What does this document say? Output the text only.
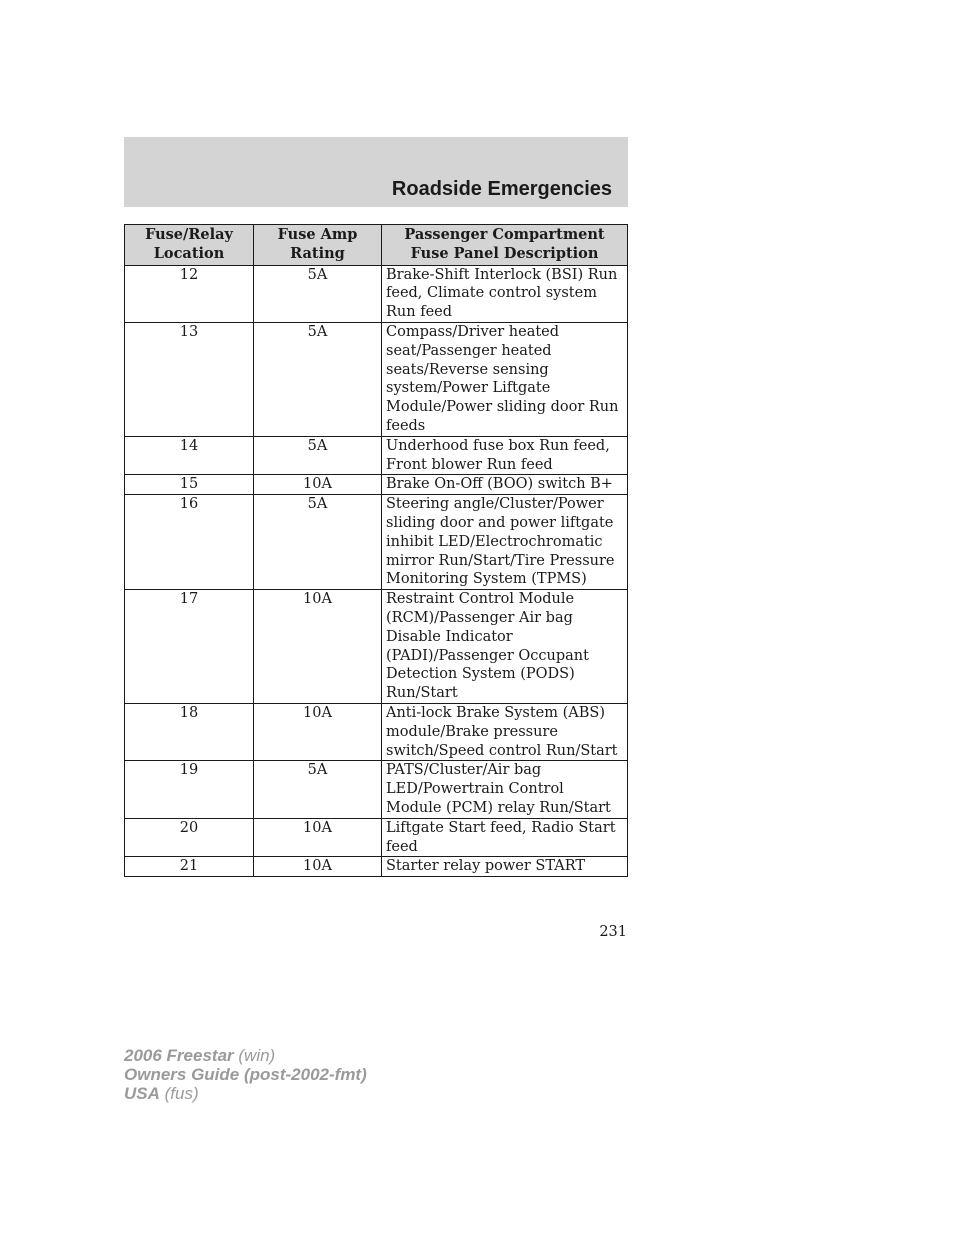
Roadside Emergencies
Fuse/Relay Location	Fuse Amp Rating	Passenger Compartment Fuse Panel Description
12	5A	Brake-Shift Interlock (BSI) Run feed, Climate control system Run feed
13	5A	Compass/Driver heated seat/Passenger heated seats/Reverse sensing system/Power Liftgate Module/Power sliding door Run feeds
14	5A	Underhood fuse box Run feed, Front blower Run feed
15	10A	Brake On-Off (BOO) switch B+
16	5A	Steering angle/Cluster/Power sliding door and power liftgate inhibit LED/Electrochromatic mirror Run/Start/Tire Pressure Monitoring System (TPMS)
17	10A	Restraint Control Module (RCM)/Passenger Air bag Disable Indicator (PADI)/Passenger Occupant Detection System (PODS) Run/Start
18	10A	Anti-lock Brake System (ABS) module/Brake pressure switch/Speed control Run/Start
19	5A	PATS/Cluster/Air bag LED/Powertrain Control Module (PCM) relay Run/Start
20	10A	Liftgate Start feed, Radio Start feed
21	10A	Starter relay power START
231
2006 Freestar (win)
Owners Guide (post-2002-fmt)
USA (fus)
